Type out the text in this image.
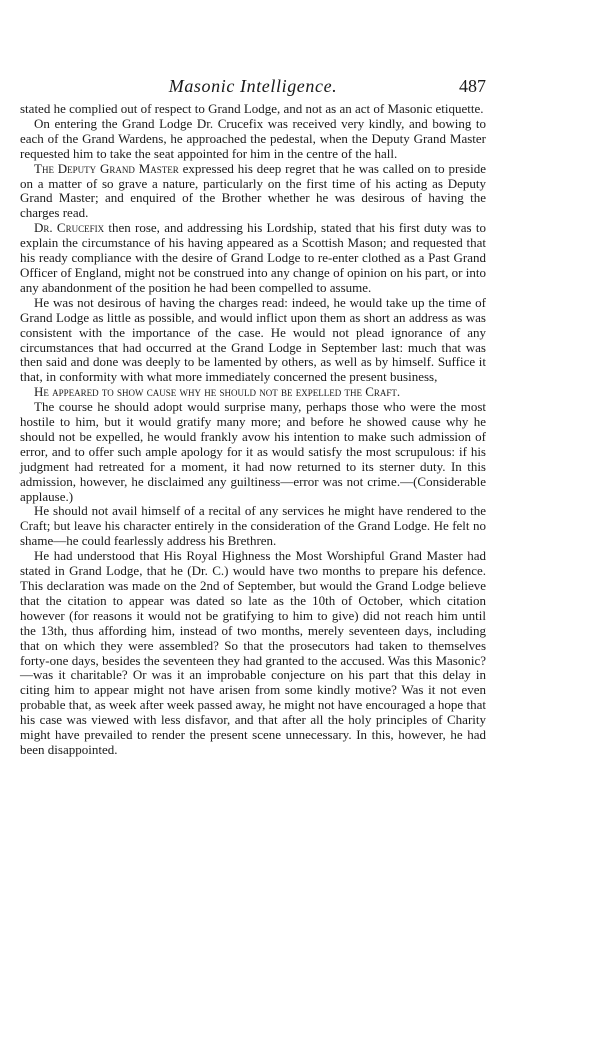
Masonic Intelligence.	487

stated he complied out of respect to Grand Lodge, and not as an act of Masonic etiquette.

On entering the Grand Lodge Dr. Crucefix was received very kindly, and bowing to each of the Grand Wardens, he approached the pedestal, when the Deputy Grand Master requested him to take the seat appointed for him in the centre of the hall.

The Deputy Grand Master expressed his deep regret that he was called on to preside on a matter of so grave a nature, particularly on the first time of his acting as Deputy Grand Master; and enquired of the Brother whether he was desirous of having the charges read.

Dr. Crucefix then rose, and addressing his Lordship, stated that his first duty was to explain the circumstance of his having appeared as a Scottish Mason; and requested that his ready compliance with the desire of Grand Lodge to re-enter clothed as a Past Grand Officer of England, might not be construed into any change of opinion on his part, or into any abandonment of the position he had been compelled to assume.

He was not desirous of having the charges read: indeed, he would take up the time of Grand Lodge as little as possible, and would inflict upon them as short an address as was consistent with the importance of the case. He would not plead ignorance of any circumstances that had occurred at the Grand Lodge in September last: much that was then said and done was deeply to be lamented by others, as well as by himself. Suffice it that, in conformity with what more immediately concerned the present business,

He appeared to show cause why he should not be expelled the Craft.

The course he should adopt would surprise many, perhaps those who were the most hostile to him, but it would gratify many more; and before he showed cause why he should not be expelled, he would frankly avow his intention to make such admission of error, and to offer such ample apology for it as would satisfy the most scrupulous: if his judgment had retreated for a moment, it had now returned to its sterner duty. In this admission, however, he disclaimed any guiltiness—error was not crime.—(Considerable applause.)

He should not avail himself of a recital of any services he might have rendered to the Craft; but leave his character entirely in the consideration of the Grand Lodge. He felt no shame—he could fearlessly address his Brethren.

He had understood that His Royal Highness the Most Worshipful Grand Master had stated in Grand Lodge, that he (Dr. C.) would have two months to prepare his defence. This declaration was made on the 2nd of September, but would the Grand Lodge believe that the citation to appear was dated so late as the 10th of October, which citation however (for reasons it would not be gratifying to him to give) did not reach him until the 13th, thus affording him, instead of two months, merely seventeen days, including that on which they were assembled? So that the prosecutors had taken to themselves forty-one days, besides the seventeen they had granted to the accused. Was this Masonic?—was it charitable? Or was it an improbable conjecture on his part that this delay in citing him to appear might not have arisen from some kindly motive? Was it not even probable that, as week after week passed away, he might not have encouraged a hope that his case was viewed with less disfavor, and that after all the holy principles of Charity might have prevailed to render the present scene unnecessary. In this, however, he had been disappointed.
